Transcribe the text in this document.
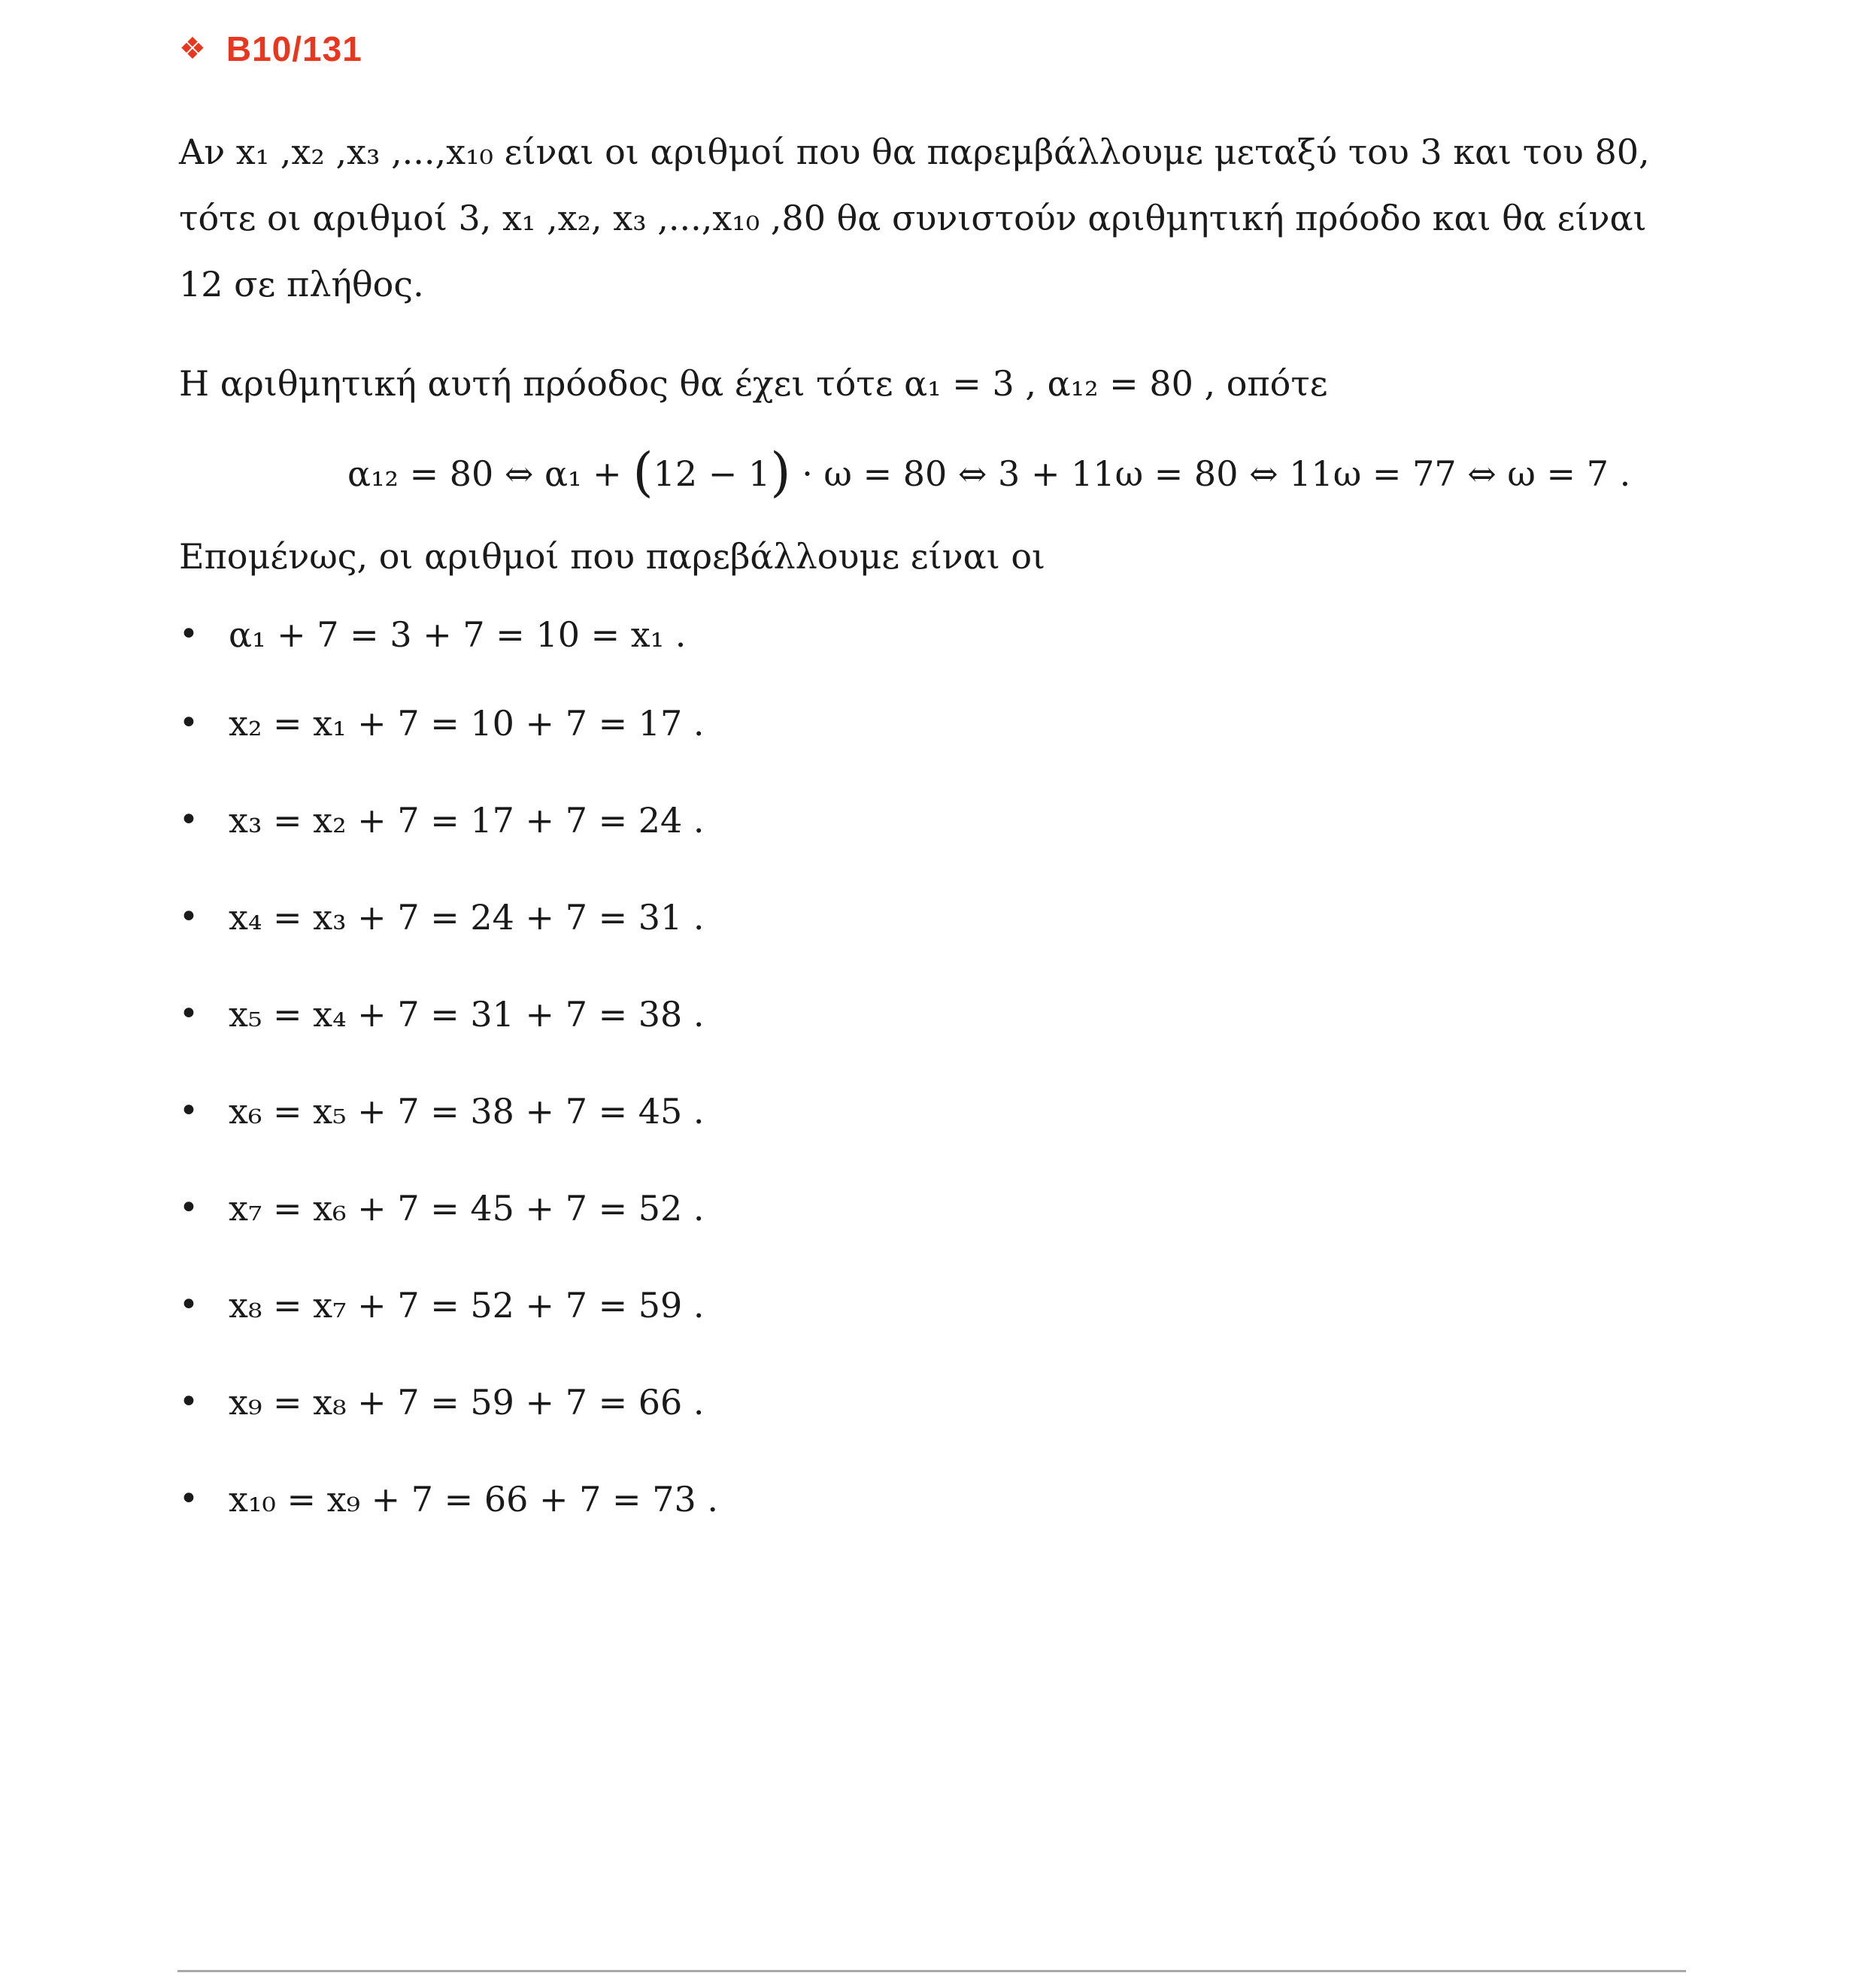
❖ B10/131

Αν x₁ ,x₂ ,x₃ ,...,x₁₀ είναι οι αριθμοί που θα παρεμβάλλουμε μεταξύ του 3 και του 80, τότε οι αριθμοί 3, x₁ ,x₂, x₃ ,...,x₁₀ ,80 θα συνιστούν αριθμητική πρόοδο και θα είναι 12 σε πλήθος.

Η αριθμητική αυτή πρόοδος θα έχει τότε α₁ = 3 , α₁₂ = 80 , οπότε

α₁₂ = 80 ⇔ α₁ + (12 − 1) · ω = 80 ⇔ 3 + 11ω = 80 ⇔ 11ω = 77 ⇔ ω = 7 .

Επομένως, οι αριθμοί που παρεβάλλουμε είναι οι

• α₁ + 7 = 3 + 7 = 10 = x₁ .
• x₂ = x₁ + 7 = 10 + 7 = 17 .
• x₃ = x₂ + 7 = 17 + 7 = 24 .
• x₄ = x₃ + 7 = 24 + 7 = 31 .
• x₅ = x₄ + 7 = 31 + 7 = 38 .
• x₆ = x₅ + 7 = 38 + 7 = 45 .
• x₇ = x₆ + 7 = 45 + 7 = 52 .
• x₈ = x₇ + 7 = 52 + 7 = 59 .
• x₉ = x₈ + 7 = 59 + 7 = 66 .
• x₁₀ = x₉ + 7 = 66 + 7 = 73 .
